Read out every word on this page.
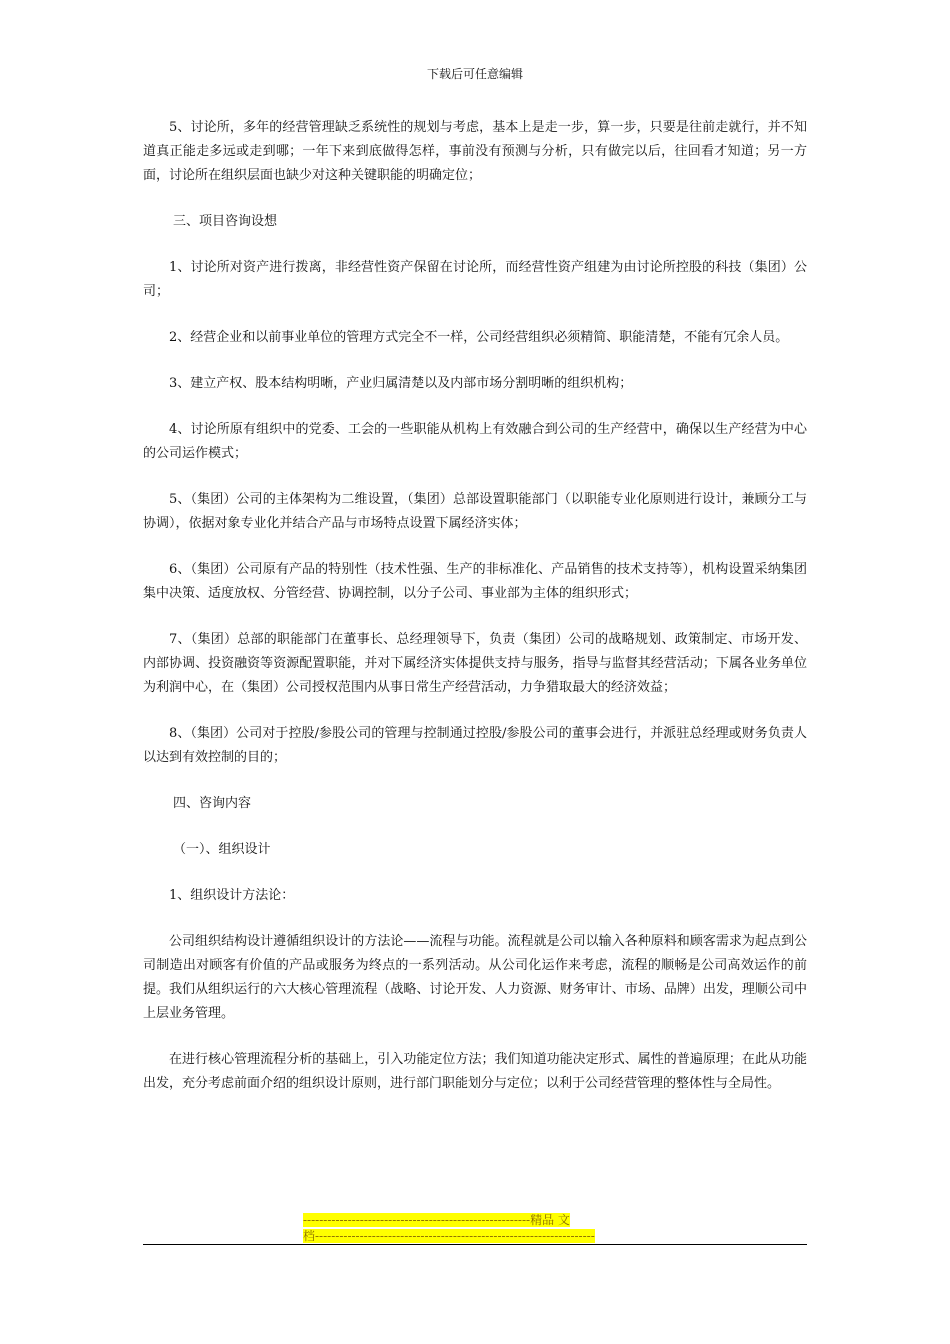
下载后可任意编辑

5、讨论所，多年的经营管理缺乏系统性的规划与考虑，基本上是走一步，算一步，只要是往前走就行，并不知道真正能走多远或走到哪；一年下来到底做得怎样，事前没有预测与分析，只有做完以后，往回看才知道；另一方面，讨论所在组织层面也缺少对这种关键职能的明确定位；

三、项目咨询设想

1、讨论所对资产进行拨离，非经营性资产保留在讨论所，而经营性资产组建为由讨论所控股的科技（集团）公司；

2、经营企业和以前事业单位的管理方式完全不一样，公司经营组织必须精简、职能清楚，不能有冗余人员。

3、建立产权、股本结构明晰，产业归属清楚以及内部市场分割明晰的组织机构；

4、讨论所原有组织中的党委、工会的一些职能从机构上有效融合到公司的生产经营中，确保以生产经营为中心的公司运作模式；

5、（集团）公司的主体架构为二维设置，（集团）总部设置职能部门（以职能专业化原则进行设计，兼顾分工与协调），依据对象专业化并结合产品与市场特点设置下属经济实体；

6、（集团）公司原有产品的特别性（技术性强、生产的非标准化、产品销售的技术支持等），机构设置采纳集团集中决策、适度放权、分管经营、协调控制，以分子公司、事业部为主体的组织形式；

7、（集团）总部的职能部门在董事长、总经理领导下，负责（集团）公司的战略规划、政策制定、市场开发、内部协调、投资融资等资源配置职能，并对下属经济实体提供支持与服务，指导与监督其经营活动；下属各业务单位为利润中心，在（集团）公司授权范围内从事日常生产经营活动，力争猎取最大的经济效益；

8、（集团）公司对于控股/参股公司的管理与控制通过控股/参股公司的董事会进行，并派驻总经理或财务负责人以达到有效控制的目的；

四、咨询内容

（一）、组织设计

1、组织设计方法论：

公司组织结构设计遵循组织设计的方法论——流程与功能。流程就是公司以输入各种原料和顾客需求为起点到公司制造出对顾客有价值的产品或服务为终点的一系列活动。从公司化运作来考虑，流程的顺畅是公司高效运作的前提。我们从组织运行的六大核心管理流程（战略、讨论开发、人力资源、财务审计、市场、品牌）出发，理顺公司中上层业务管理。

在进行核心管理流程分析的基础上，引入功能定位方法；我们知道功能决定形式、属性的普遍原理；在此从功能出发，充分考虑前面介绍的组织设计原则，进行部门职能划分与定位；以利于公司经营管理的整体性与全局性。

--------------------------------------------------------精品 文
档---------------------------------------------------------------------
